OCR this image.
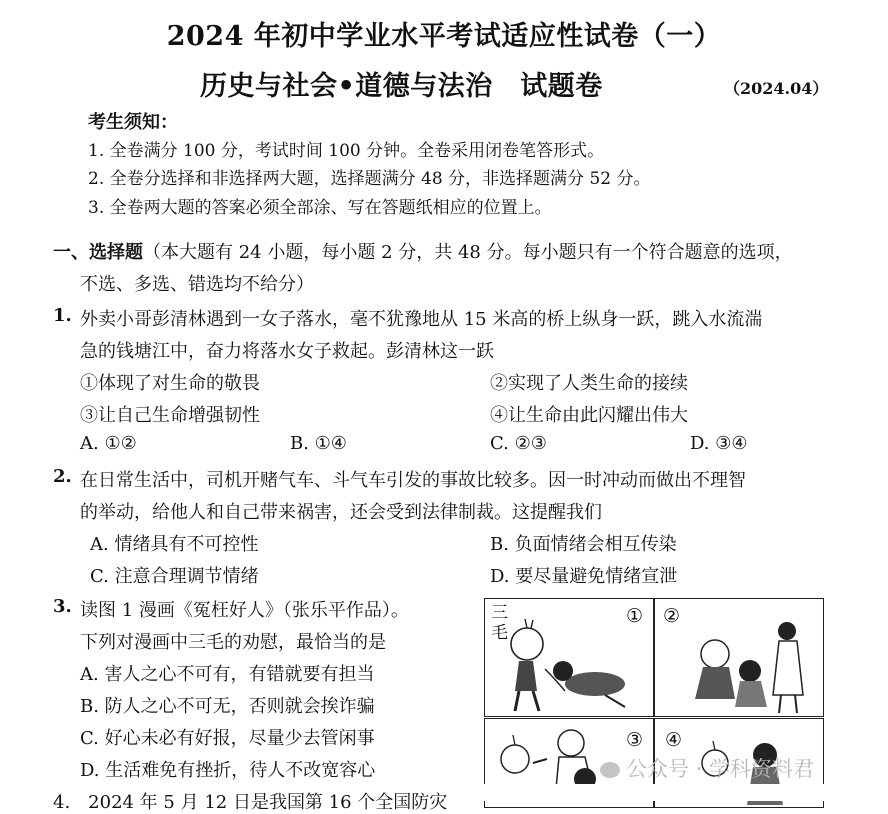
2024 年初中学业水平考试适应性试卷（一）
历史与社会•道德与法治　试题卷	（2024.04）
考生须知：
1. 全卷满分 100 分，考试时间 100 分钟。全卷采用闭卷笔答形式。
2. 全卷分选择和非选择两大题，选择题满分 48 分，非选择题满分 52 分。
3. 全卷两大题的答案必须全部涂、写在答题纸相应的位置上。
一、选择题（本大题有 24 小题，每小题 2 分，共 48 分。每小题只有一个符合题意的选项，
不选、多选、错选均不给分）
1. 外卖小哥彭清林遇到一女子落水，毫不犹豫地从 15 米高的桥上纵身一跃，跳入水流湍
急的钱塘江中，奋力将落水女子救起。彭清林这一跃
①体现了对生命的敬畏	②实现了人类生命的接续
③让自己生命增强韧性	④让生命由此闪耀出伟大
A. ①②	B. ①④	C. ②③	D. ③④
2. 在日常生活中，司机开赌气车、斗气车引发的事故比较多。因一时冲动而做出不理智
的举动，给他人和自己带来祸害，还会受到法律制裁。这提醒我们
A. 情绪具有不可控性	B. 负面情绪会相互传染
C. 注意合理调节情绪	D. 要尽量避免情绪宣泄
3. 读图 1 漫画《冤枉好人》（张乐平作品）。
下列对漫画中三毛的劝慰，最恰当的是
A. 害人之心不可有，有错就要有担当
B. 防人之心不可无，否则就会挨诈骗
C. 好心未必有好报，尽量少去管闲事
D. 生活难免有挫折，待人不改宽容心
①
三毛
②
③ ④
4.　2024 年 5 月 12 日是我国第 16 个全国防灾
公众号 · 学科资料君
